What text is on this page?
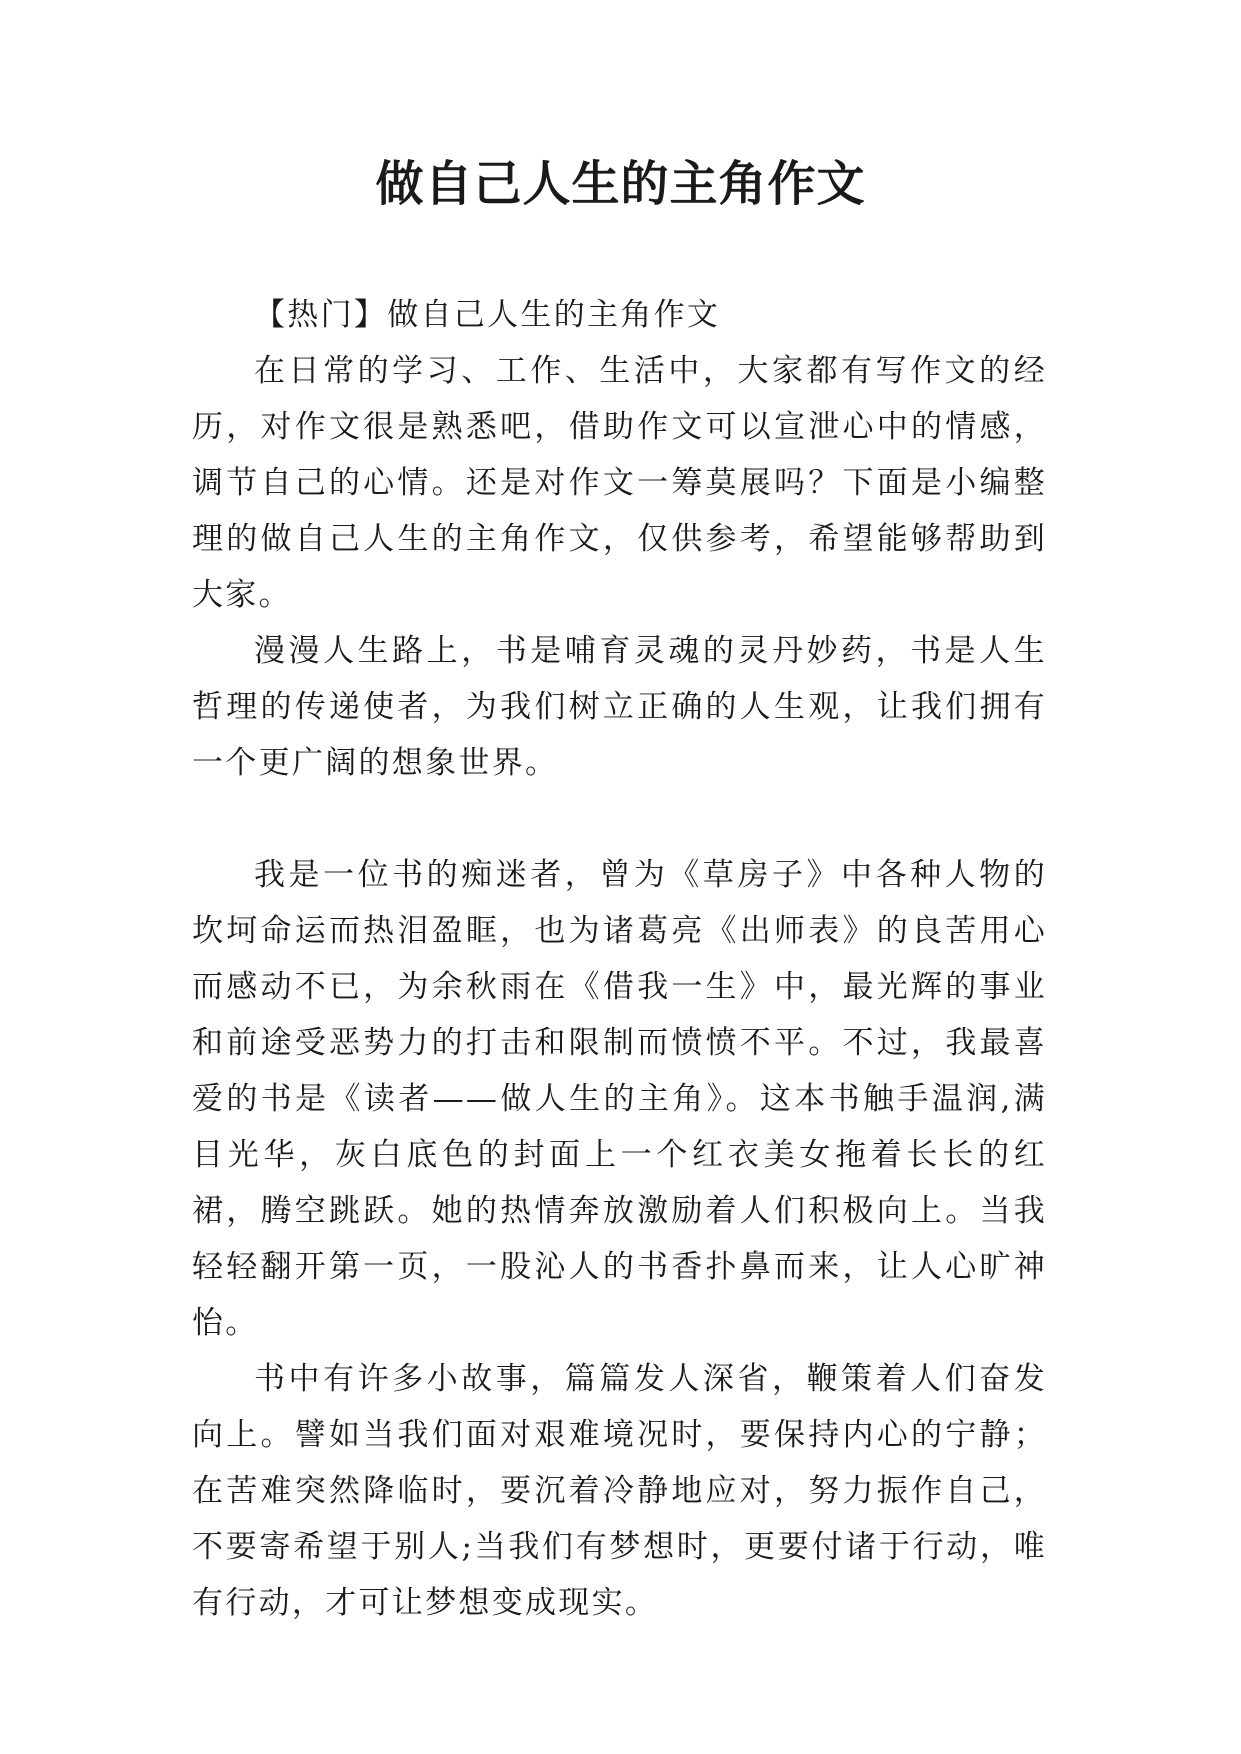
做自己人生的主角作文

【热门】做自己人生的主角作文

在日常的学习、工作、生活中，大家都有写作文的经历，对作文很是熟悉吧，借助作文可以宣泄心中的情感，调节自己的心情。还是对作文一筹莫展吗？下面是小编整理的做自己人生的主角作文，仅供参考，希望能够帮助到大家。

漫漫人生路上，书是哺育灵魂的灵丹妙药，书是人生哲理的传递使者，为我们树立正确的人生观，让我们拥有一个更广阔的想象世界。

我是一位书的痴迷者，曾为《草房子》中各种人物的坎坷命运而热泪盈眶，也为诸葛亮《出师表》的良苦用心而感动不已，为余秋雨在《借我一生》中，最光辉的事业和前途受恶势力的打击和限制而愤愤不平。不过，我最喜爱的书是《读者——做人生的主角》。这本书触手温润,满目光华，灰白底色的封面上一个红衣美女拖着长长的红裙，腾空跳跃。她的热情奔放激励着人们积极向上。当我轻轻翻开第一页，一股沁人的书香扑鼻而来，让人心旷神怡。

书中有许多小故事，篇篇发人深省，鞭策着人们奋发向上。譬如当我们面对艰难境况时，要保持内心的宁静；在苦难突然降临时，要沉着冷静地应对，努力振作自己，不要寄希望于别人;当我们有梦想时，更要付诸于行动，唯有行动，才可让梦想变成现实。
